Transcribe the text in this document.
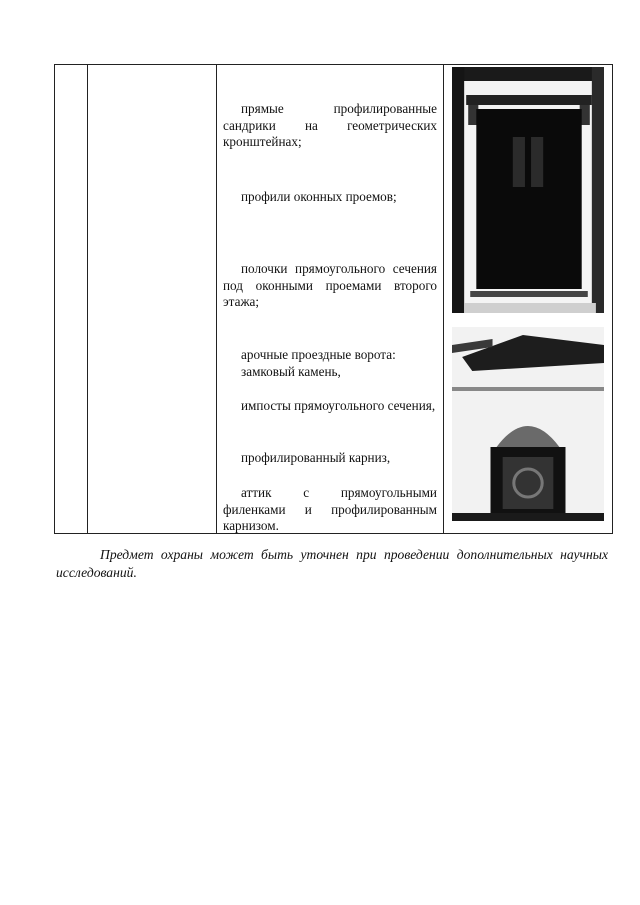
прямые профилированные сандрики на геометрических кронштейнах;

профили оконных проемов;

полочки прямоугольного сечения под оконными проемами второго этажа;

арочные проездные ворота:

замковый камень,

импосты прямоугольного сечения,

профилированный карниз,

аттик с прямоугольными филенками и профилированным карнизом.

Предмет охраны может быть уточнен при проведении дополнительных научных исследований.
